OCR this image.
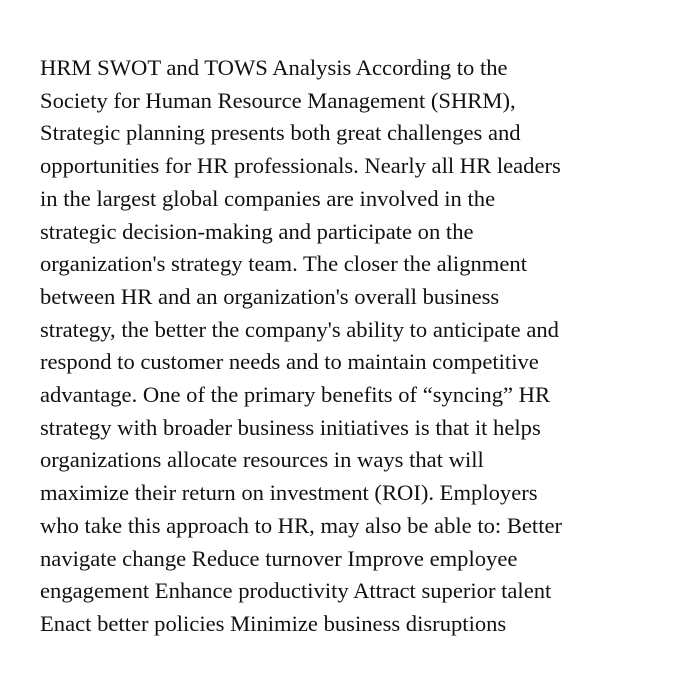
HRM SWOT and TOWS Analysis According to the
Society for Human Resource Management (SHRM),
Strategic planning presents both great challenges and
opportunities for HR professionals. Nearly all HR leaders
in the largest global companies are involved in the
strategic decision-making and participate on the
organization's strategy team. The closer the alignment
between HR and an organization's overall business
strategy, the better the company's ability to anticipate and
respond to customer needs and to maintain competitive
advantage. One of the primary benefits of “syncing” HR
strategy with broader business initiatives is that it helps
organizations allocate resources in ways that will
maximize their return on investment (ROI). Employers
who take this approach to HR, may also be able to: Better
navigate change Reduce turnover Improve employee
engagement Enhance productivity Attract superior talent
Enact better policies Minimize business disruptions
